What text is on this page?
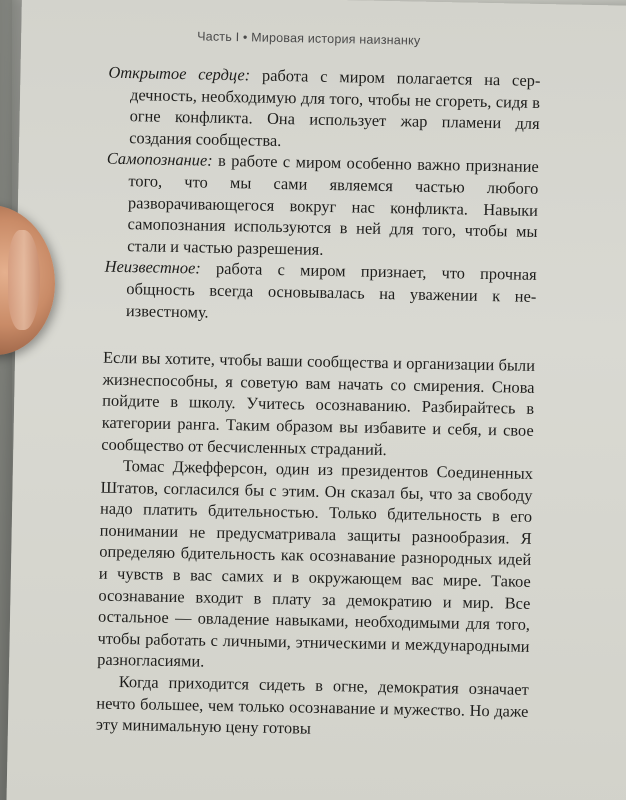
Часть I • Мировая история наизнанку

Открытое сердце: работа с миром полагается на сердечность, необходимую для того, чтобы не сгореть, сидя в огне конфликта. Она использует жар пламени для создания сообщества.

Самопознание: в работе с миром особенно важно признание того, что мы сами являемся частью любого разворачивающегося вокруг нас конфликта. Навыки самопознания используются в ней для того, чтобы мы стали и частью разрешения.

Неизвестное: работа с миром признает, что прочная общность всегда основывалась на уважении к неизвестному.

Если вы хотите, чтобы ваши сообщества и организации были жизнеспособны, я советую вам начать со смирения. Снова пойдите в школу. Учитесь осознаванию. Разбирайтесь в категории ранга. Таким образом вы избавите и себя, и свое сообщество от бесчисленных страданий.

Томас Джефферсон, один из президентов Соединенных Штатов, согласился бы с этим. Он сказал бы, что за свободу надо платить бдительностью. Только бдительность в его понимании не предусматривала защиты разнообразия. Я определяю бдительность как осознавание разнородных идей и чувств в вас самих и в окружающем вас мире. Такое осознавание входит в плату за демократию и мир. Все остальное — овладение навыками, необходимыми для того, чтобы работать с личными, этническими и международными разногласиями.

Когда приходится сидеть в огне, демократия означает нечто большее, чем только осознавание и мужество. Но даже эту минимальную цену готовы
